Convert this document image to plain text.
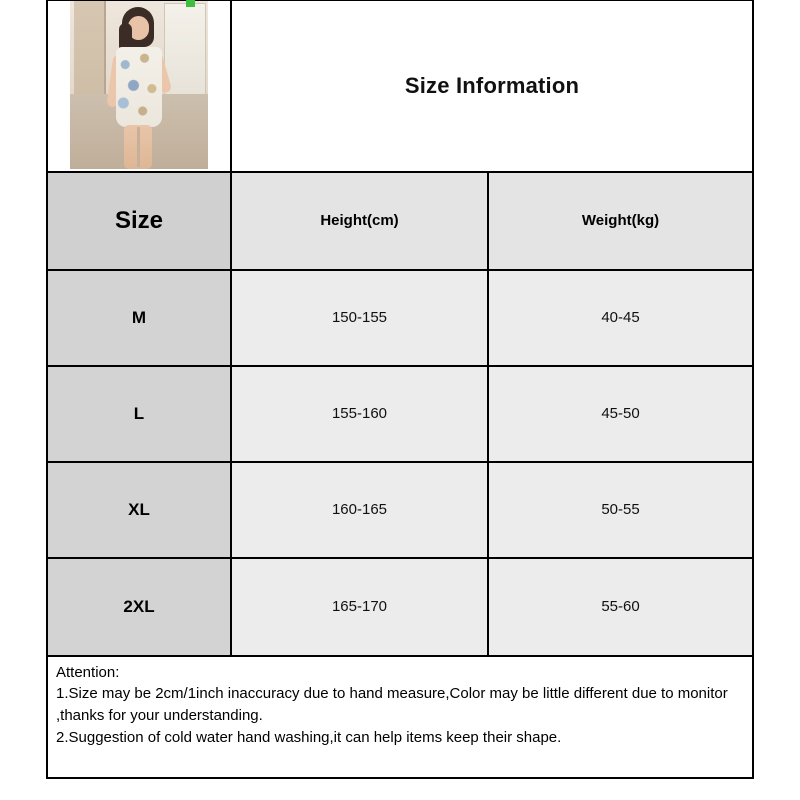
Size Information
Size	Height(cm)	Weight(kg)
M	150-155	40-45
L	155-160	45-50
XL	160-165	50-55
2XL	165-170	55-60
Attention:
1.Size may be 2cm/1inch inaccuracy due to hand measure,Color may be little different due to monitor ,thanks for your understanding.
2.Suggestion of cold water hand washing,it can help items keep their shape.
